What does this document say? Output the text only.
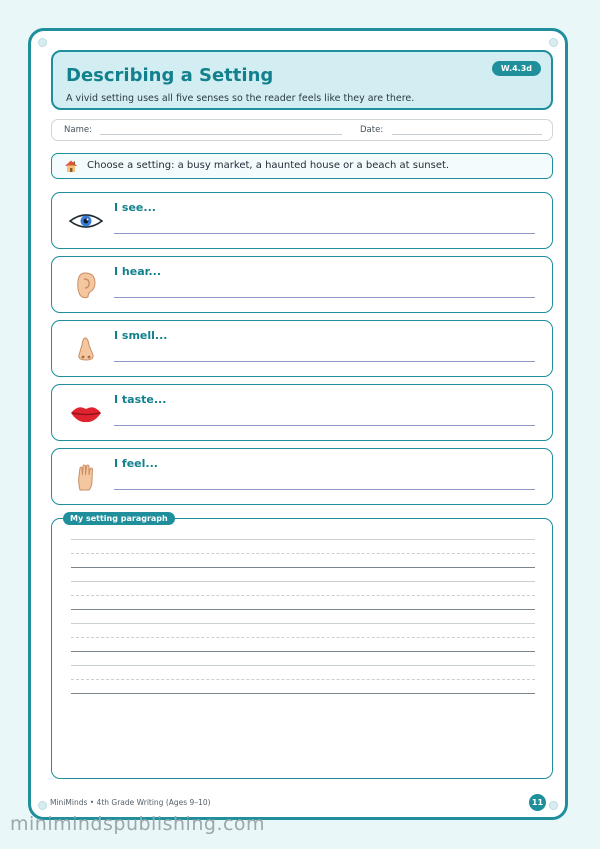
Describing a Setting
A vivid setting uses all five senses so the reader feels like they are there.
W.4.3d
Name:	Date:
Choose a setting: a busy market, a haunted house or a beach at sunset.
I see...
I hear...
I smell...
I taste...
I feel...
My setting paragraph
MiniMinds • 4th Grade Writing (Ages 9–10)	11
minimindspublishing.com
